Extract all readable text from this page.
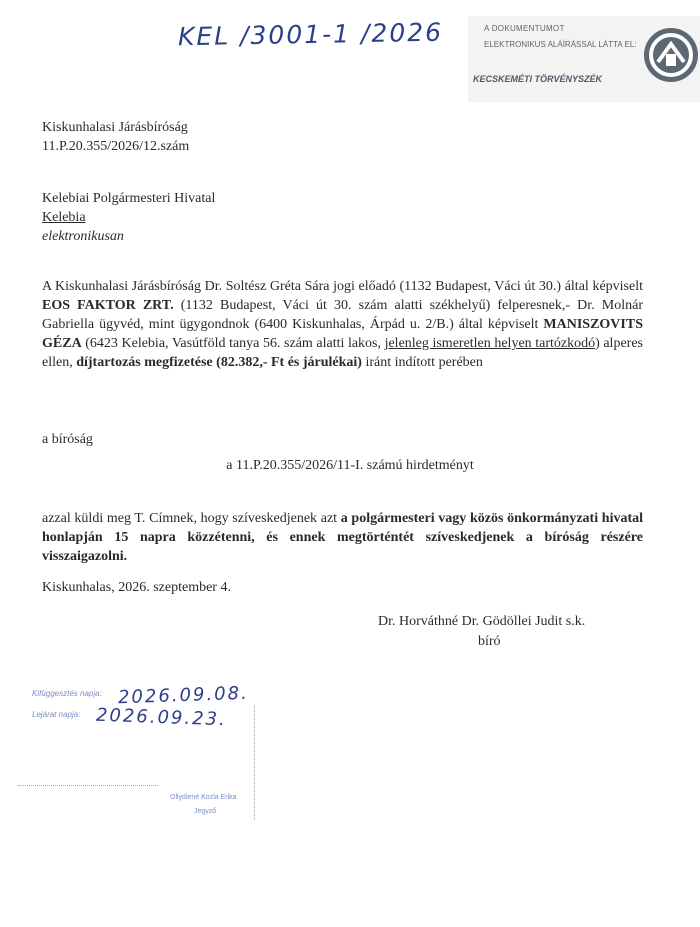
KEL /3001-1 /2026	A DOKUMENTUMOT
ELEKTRONIKUS ALÁÍRÁSSAL LÁTTA EL:
KECSKEMÉTI TÖRVÉNYSZÉK
Kiskunhalasi Járásbíróság
11.P.20.355/2026/12.szám
Kelebiai Polgármesteri Hivatal
Kelebia
elektronikusan
A Kiskunhalasi Járásbíróság Dr. Soltész Gréta Sára jogi előadó (1132 Budapest, Váci út 30.) által képviselt EOS FAKTOR ZRT. (1132 Budapest, Váci út 30. szám alatti székhelyű) felperesnek,- Dr. Molnár Gabriella ügyvéd, mint ügygondnok (6400 Kiskunhalas, Árpád u. 2/B.) által képviselt MANISZOVITS GÉZA (6423 Kelebia, Vasútföld tanya 56. szám alatti lakos, jelenleg ismeretlen helyen tartózkodó) alperes ellen, díjtartozás megfizetése (82.382,- Ft és járulékai) iránt indított perében
a bíróság
a 11.P.20.355/2026/11-I. számú hirdetményt
azzal küldi meg T. Címnek, hogy szíveskedjenek azt a polgármesteri vagy közös önkormányzati hivatal honlapján 15 napra közzétenni, és ennek megtörténtét szíveskedjenek a bíróság részére visszaigazolni.
Kiskunhalas, 2026. szeptember 4.
Dr. Horváthné Dr. Gödöllei Judit s.k.
bíró
Kifüggesztés napja: 2026.09.08.
Lejárat napja: 2026.09.23.
Ollydiené Kozla Erika
Jegyző
